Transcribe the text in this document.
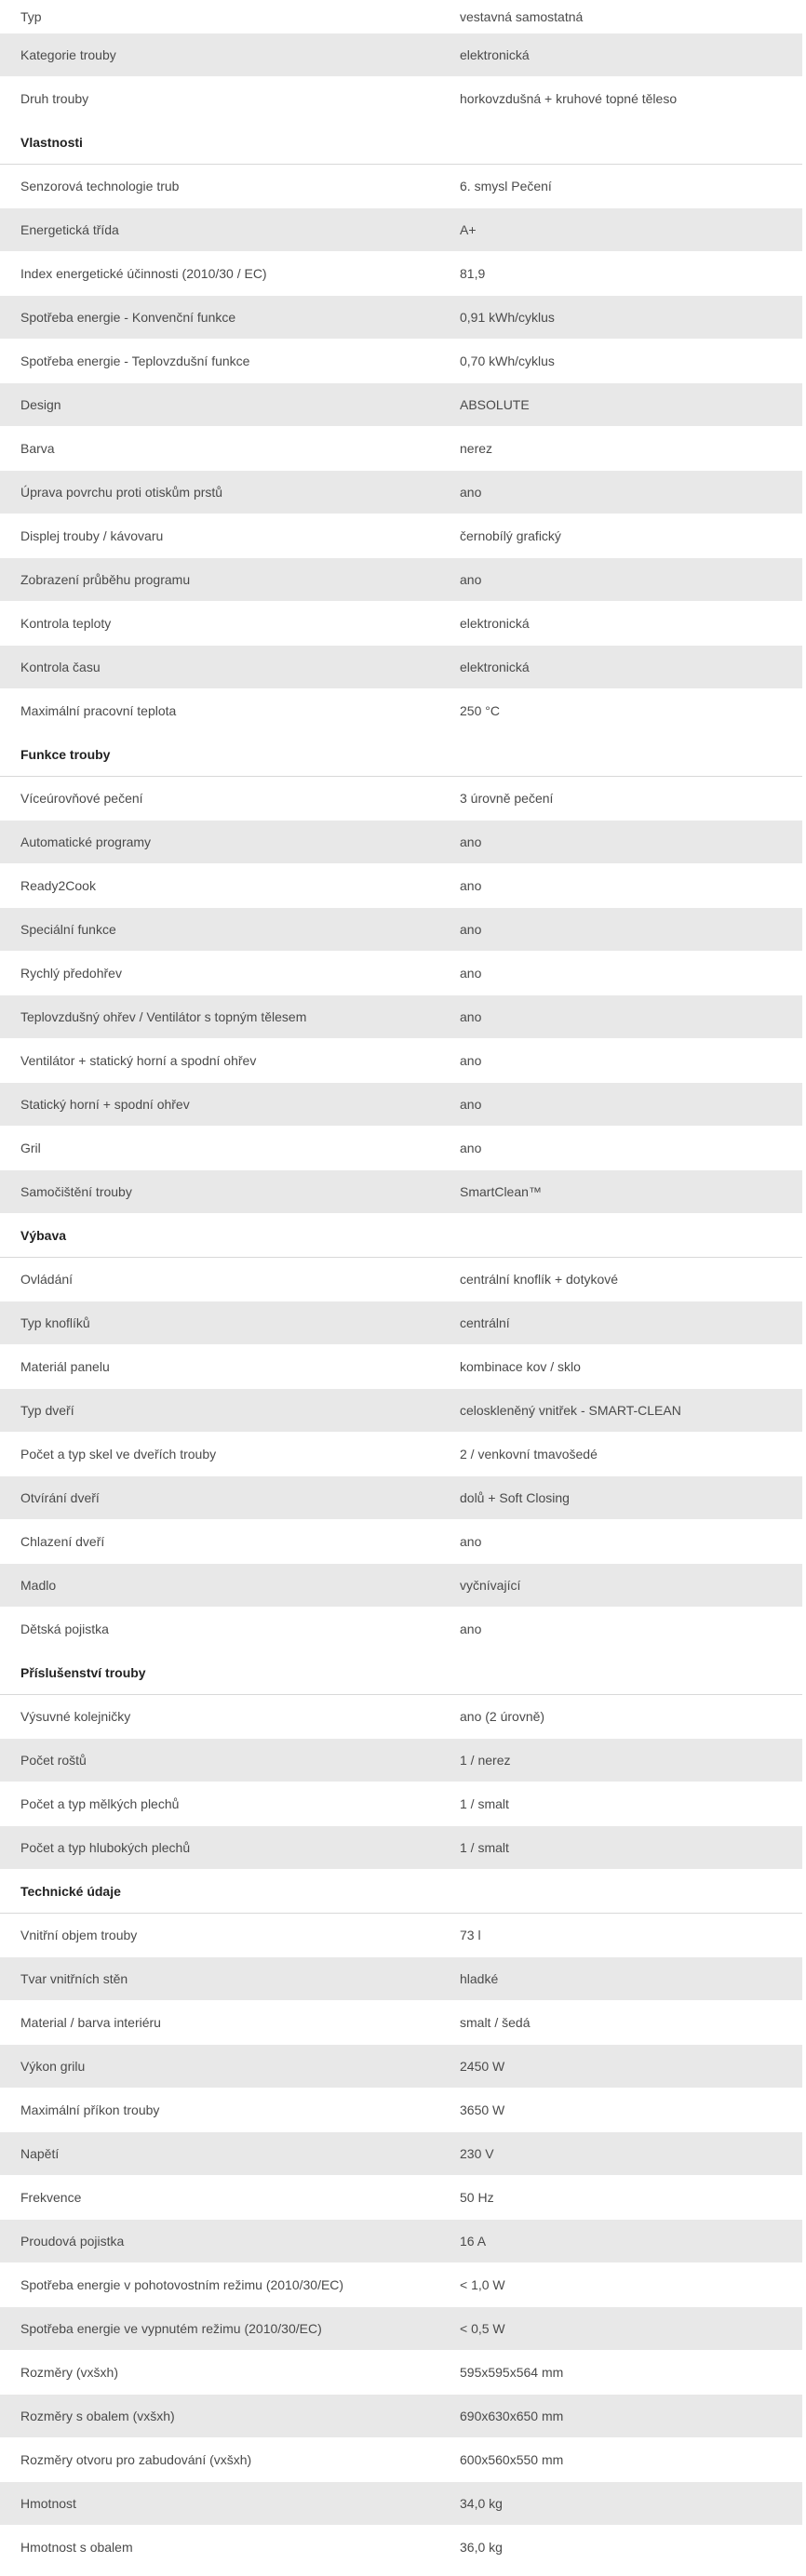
Typ	vestavná samostatná
Kategorie trouby	elektronická
Druh trouby	horkovzdušná + kruhové topné těleso
Vlastnosti
Senzorová technologie trub	6. smysl Pečení
Energetická třída	A+
Index energetické účinnosti (2010/30 / EC)	81,9
Spotřeba energie - Konvenční funkce	0,91 kWh/cyklus
Spotřeba energie - Teplovzdušní funkce	0,70 kWh/cyklus
Design	ABSOLUTE
Barva	nerez
Úprava povrchu proti otiskům prstů	ano
Displej trouby / kávovaru	černobílý grafický
Zobrazení průběhu programu	ano
Kontrola teploty	elektronická
Kontrola času	elektronická
Maximální pracovní teplota	250 °C
Funkce trouby
Víceúrovňové pečení	3 úrovně pečení
Automatické programy	ano
Ready2Cook	ano
Speciální funkce	ano
Rychlý předohřev	ano
Teplovzdušný ohřev / Ventilátor s topným tělesem	ano
Ventilátor + statický horní a spodní ohřev	ano
Statický horní + spodní ohřev	ano
Gril	ano
Samočištění trouby	SmartClean™
Výbava
Ovládání	centrální knoflík + dotykové
Typ knoflíků	centrální
Materiál panelu	kombinace kov / sklo
Typ dveří	celoskleněný vnitřek - SMART-CLEAN
Počet a typ skel ve dveřích trouby	2 / venkovní tmavošedé
Otvírání dveří	dolů + Soft Closing
Chlazení dveří	ano
Madlo	vyčnívající
Dětská pojistka	ano
Příslušenství trouby
Výsuvné kolejničky	ano (2 úrovně)
Počet roštů	1 / nerez
Počet a typ mělkých plechů	1 / smalt
Počet a typ hlubokých plechů	1 / smalt
Technické údaje
Vnitřní objem trouby	73 l
Tvar vnitřních stěn	hladké
Material / barva interiéru	smalt / šedá
Výkon grilu	2450 W
Maximální příkon trouby	3650 W
Napětí	230 V
Frekvence	50 Hz
Proudová pojistka	16 A
Spotřeba energie v pohotovostním režimu (2010/30/EC)	< 1,0 W
Spotřeba energie ve vypnutém režimu (2010/30/EC)	< 0,5 W
Rozměry (vxšxh)	595x595x564 mm
Rozměry s obalem (vxšxh)	690x630x650 mm
Rozměry otvoru pro zabudování (vxšxh)	600x560x550 mm
Hmotnost	34,0 kg
Hmotnost s obalem	36,0 kg
